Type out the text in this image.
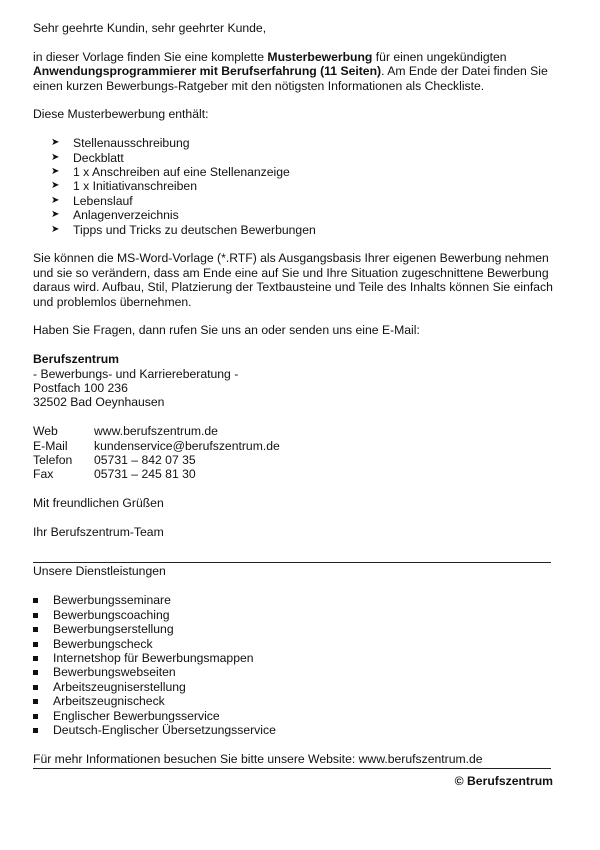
Sehr geehrte Kundin, sehr geehrter Kunde,

in dieser Vorlage finden Sie eine komplette Musterbewerbung für einen ungekündigten Anwendungsprogrammierer mit Berufserfahrung (11 Seiten). Am Ende der Datei finden Sie einen kurzen Bewerbungs-Ratgeber mit den nötigsten Informationen als Checkliste.

Diese Musterbewerbung enthält:

➤ Stellenausschreibung
➤ Deckblatt
➤ 1 x Anschreiben auf eine Stellenanzeige
➤ 1 x Initiativanschreiben
➤ Lebenslauf
➤ Anlagenverzeichnis
➤ Tipps und Tricks zu deutschen Bewerbungen

Sie können die MS-Word-Vorlage (*.RTF) als Ausgangsbasis Ihrer eigenen Bewerbung nehmen und sie so verändern, dass am Ende eine auf Sie und Ihre Situation zugeschnittene Bewerbung daraus wird. Aufbau, Stil, Platzierung der Textbausteine und Teile des Inhalts können Sie einfach und problemlos übernehmen.

Haben Sie Fragen, dann rufen Sie uns an oder senden uns eine E-Mail:

Berufszentrum

- Bewerbungs- und Karriereberatung -

Postfach 100 236

32502 Bad Oeynhausen

Web	www.berufszentrum.de
E-Mail	kundenservice@berufszentrum.de
Telefon	05731 – 842 07 35
Fax	05731 – 245 81 30

Mit freundlichen Grüßen

Ihr Berufszentrum-Team

Unsere Dienstleistungen

Bewerbungsseminare
Bewerbungscoaching
Bewerbungserstellung
Bewerbungscheck
Internetshop für Bewerbungsmappen
Bewerbungswebseiten
Arbeitszeugniserstellung
Arbeitszeugnischeck
Englischer Bewerbungsservice
Deutsch-Englischer Übersetzungsservice

Für mehr Informationen besuchen Sie bitte unsere Website: www.berufszentrum.de

© Berufszentrum
